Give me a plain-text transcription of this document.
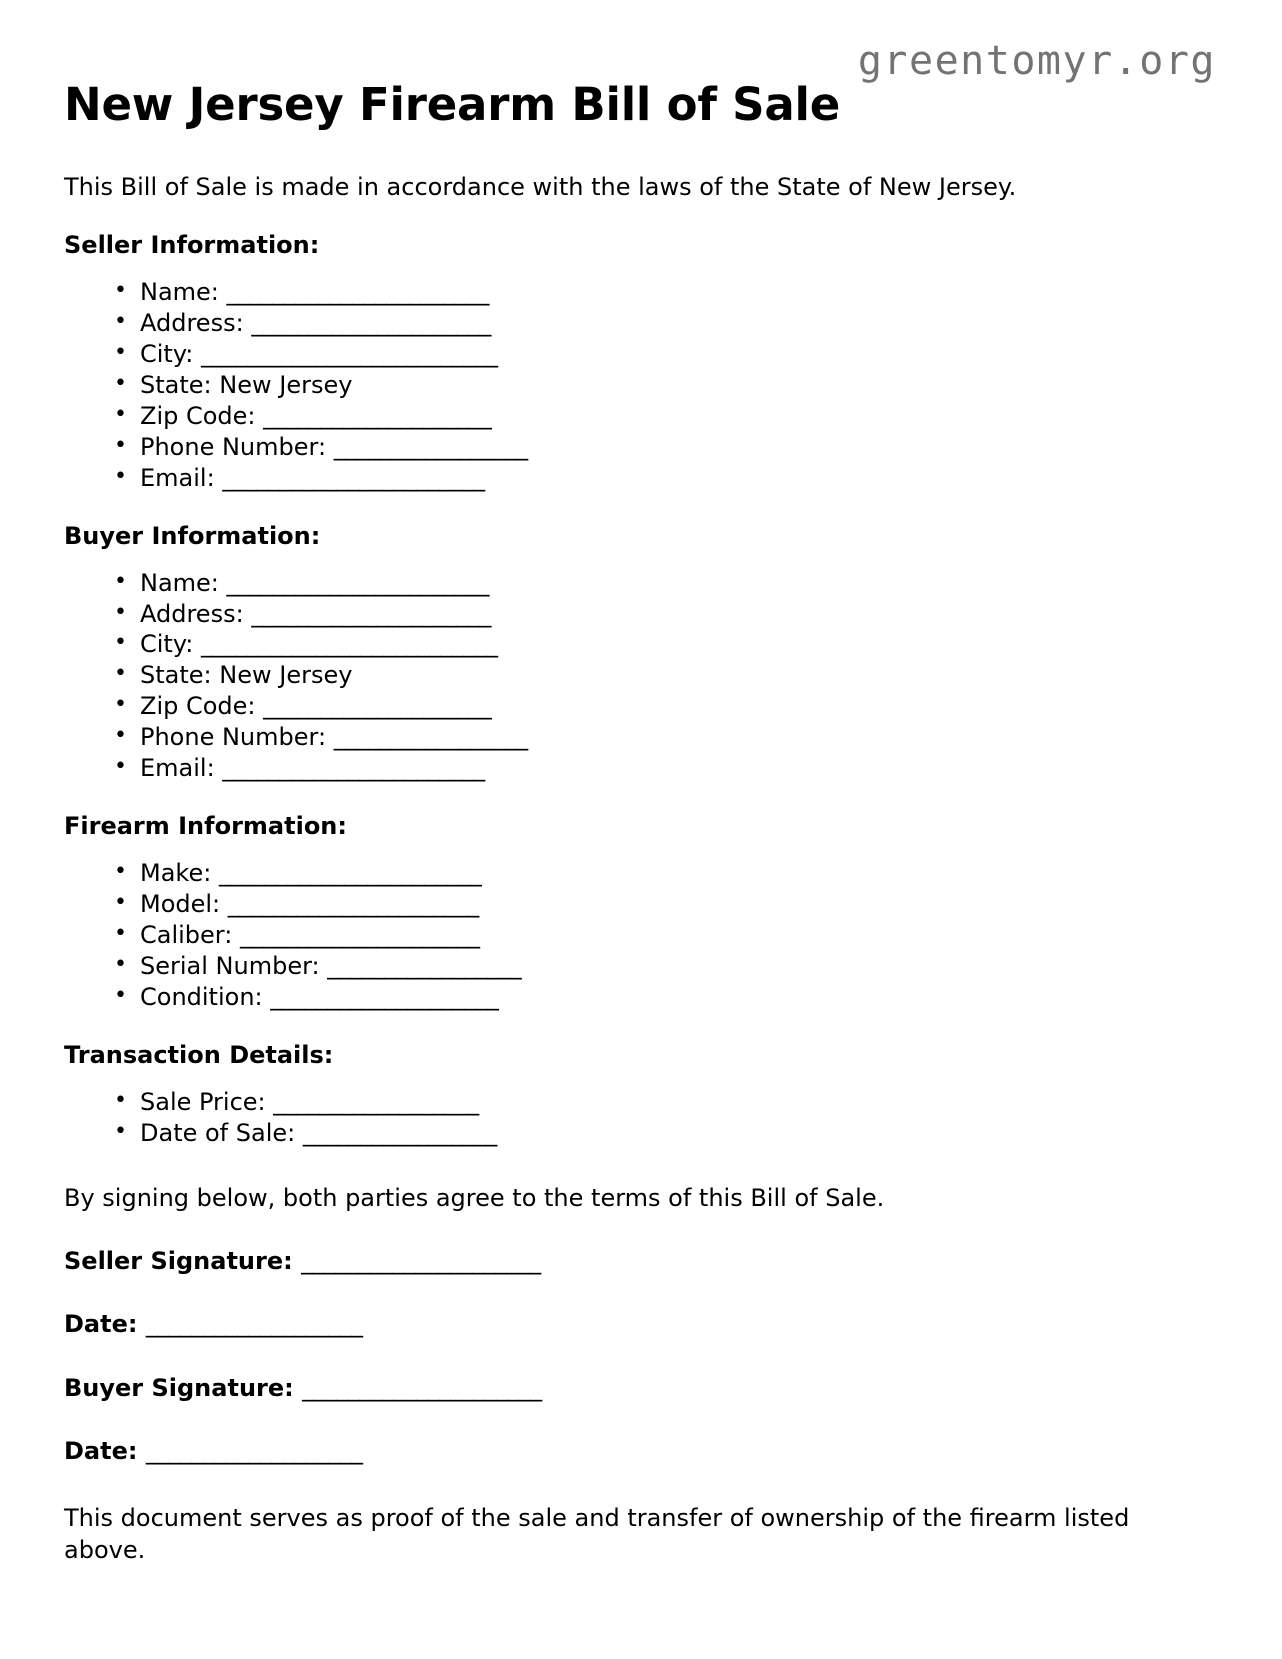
greentomyr.org
New Jersey Firearm Bill of Sale

This Bill of Sale is made in accordance with the laws of the State of New Jersey.

Seller Information:
• Name: _______________________
• Address: _____________________
• City: __________________________
• State: New Jersey
• Zip Code: ____________________
• Phone Number: _________________
• Email: _______________________
Buyer Information:
• Name: _______________________
• Address: _____________________
• City: __________________________
• State: New Jersey
• Zip Code: ____________________
• Phone Number: _________________
• Email: _______________________
Firearm Information:
• Make: _______________________
• Model: ______________________
• Caliber: _____________________
• Serial Number: _________________
• Condition: ____________________
Transaction Details:
• Sale Price: __________________
• Date of Sale: _________________

By signing below, both parties agree to the terms of this Bill of Sale.

Seller Signature: _____________________

Date: ___________________

Buyer Signature: _____________________

Date: ___________________

This document serves as proof of the sale and transfer of ownership of the firearm listed above.
